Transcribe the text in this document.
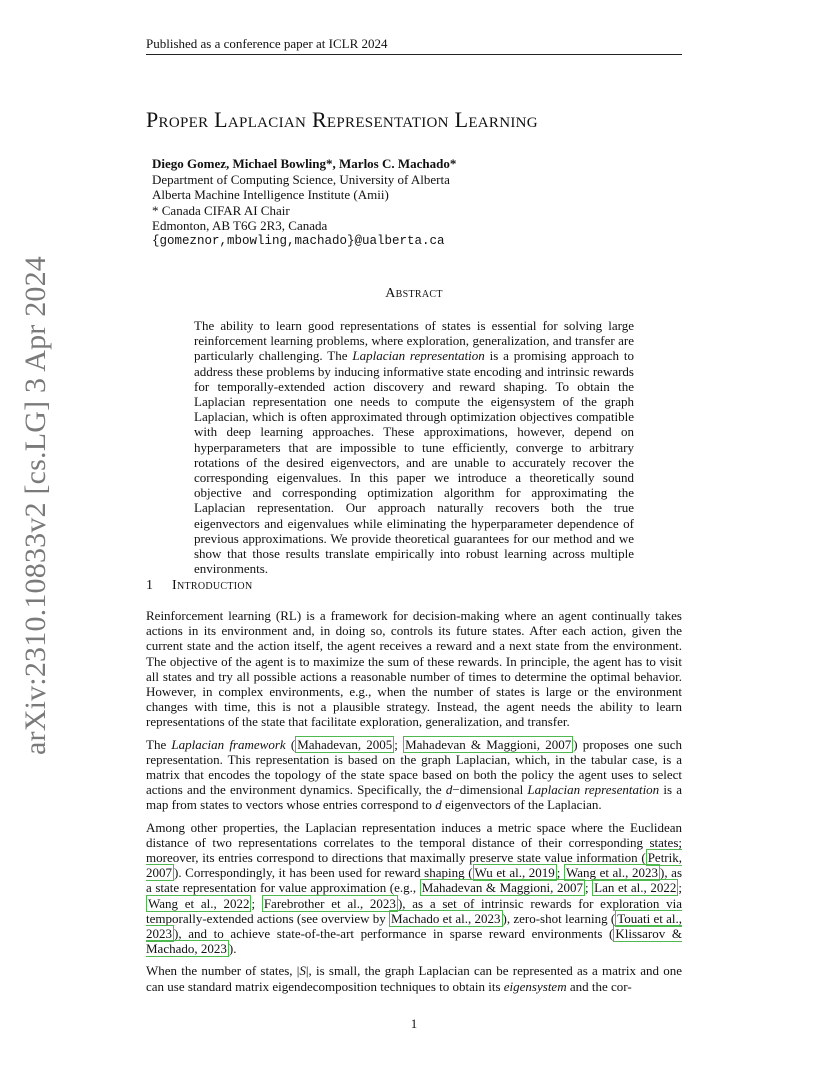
Published as a conference paper at ICLR 2024
arXiv:2310.10833v2 [cs.LG] 3 Apr 2024
Proper Laplacian Representation Learning
Diego Gomez, Michael Bowling*, Marlos C. Machado*
Department of Computing Science, University of Alberta
Alberta Machine Intelligence Institute (Amii)
* Canada CIFAR AI Chair
Edmonton, AB T6G 2R3, Canada
{gomeznor,mbowling,machado}@ualberta.ca
Abstract
The ability to learn good representations of states is essential for solving large reinforcement learning problems, where exploration, generalization, and transfer are particularly challenging. The Laplacian representation is a promising approach to address these problems by inducing informative state encoding and intrinsic rewards for temporally-extended action discovery and reward shaping. To obtain the Laplacian representation one needs to compute the eigensystem of the graph Laplacian, which is often approximated through optimization objectives compatible with deep learning approaches. These approximations, however, depend on hyperparameters that are impossible to tune efficiently, converge to arbitrary rotations of the desired eigenvectors, and are unable to accurately recover the corresponding eigenvalues. In this paper we introduce a theoretically sound objective and corresponding optimization algorithm for approximating the Laplacian representation. Our approach naturally recovers both the true eigenvectors and eigenvalues while eliminating the hyperparameter dependence of previous approximations. We provide theoretical guarantees for our method and we show that those results translate empirically into robust learning across multiple environments.
1 Introduction

Reinforcement learning (RL) is a framework for decision-making where an agent continually takes actions in its environment and, in doing so, controls its future states. After each action, given the current state and the action itself, the agent receives a reward and a next state from the environment. The objective of the agent is to maximize the sum of these rewards. In principle, the agent has to visit all states and try all possible actions a reasonable number of times to determine the optimal behavior. However, in complex environments, e.g., when the number of states is large or the environment changes with time, this is not a plausible strategy. Instead, the agent needs the ability to learn representations of the state that facilitate exploration, generalization, and transfer.

The Laplacian framework ( Mahadevan, 2005 ; Mahadevan & Maggioni, 2007 ) proposes one such representation. This representation is based on the graph Laplacian, which, in the tabular case, is a matrix that encodes the topology of the state space based on both the policy the agent uses to select actions and the environment dynamics. Specifically, the d−dimensional Laplacian representation is a map from states to vectors whose entries correspond to d eigenvectors of the Laplacian.

Among other properties, the Laplacian representation induces a metric space where the Euclidean distance of two representations correlates to the temporal distance of their corresponding states; moreover, its entries correspond to directions that maximally preserve state value information ( Petrik, 2007 ). Correspondingly, it has been used for reward shaping ( Wu et al., 2019 ; Wang et al., 2023 ), as a state representation for value approximation (e.g., Mahadevan & Maggioni, 2007 ; Lan et al., 2022 ; Wang et al., 2022 ; Farebrother et al., 2023 ), as a set of intrinsic rewards for exploration via temporally-extended actions (see overview by Machado et al., 2023 ), zero-shot learning ( Touati et al., 2023 ), and to achieve state-of-the-art performance in sparse reward environments ( Klissarov & Machado, 2023 ).

When the number of states, |S|, is small, the graph Laplacian can be represented as a matrix and one can use standard matrix eigendecomposition techniques to obtain its eigensystem and the cor-

1
